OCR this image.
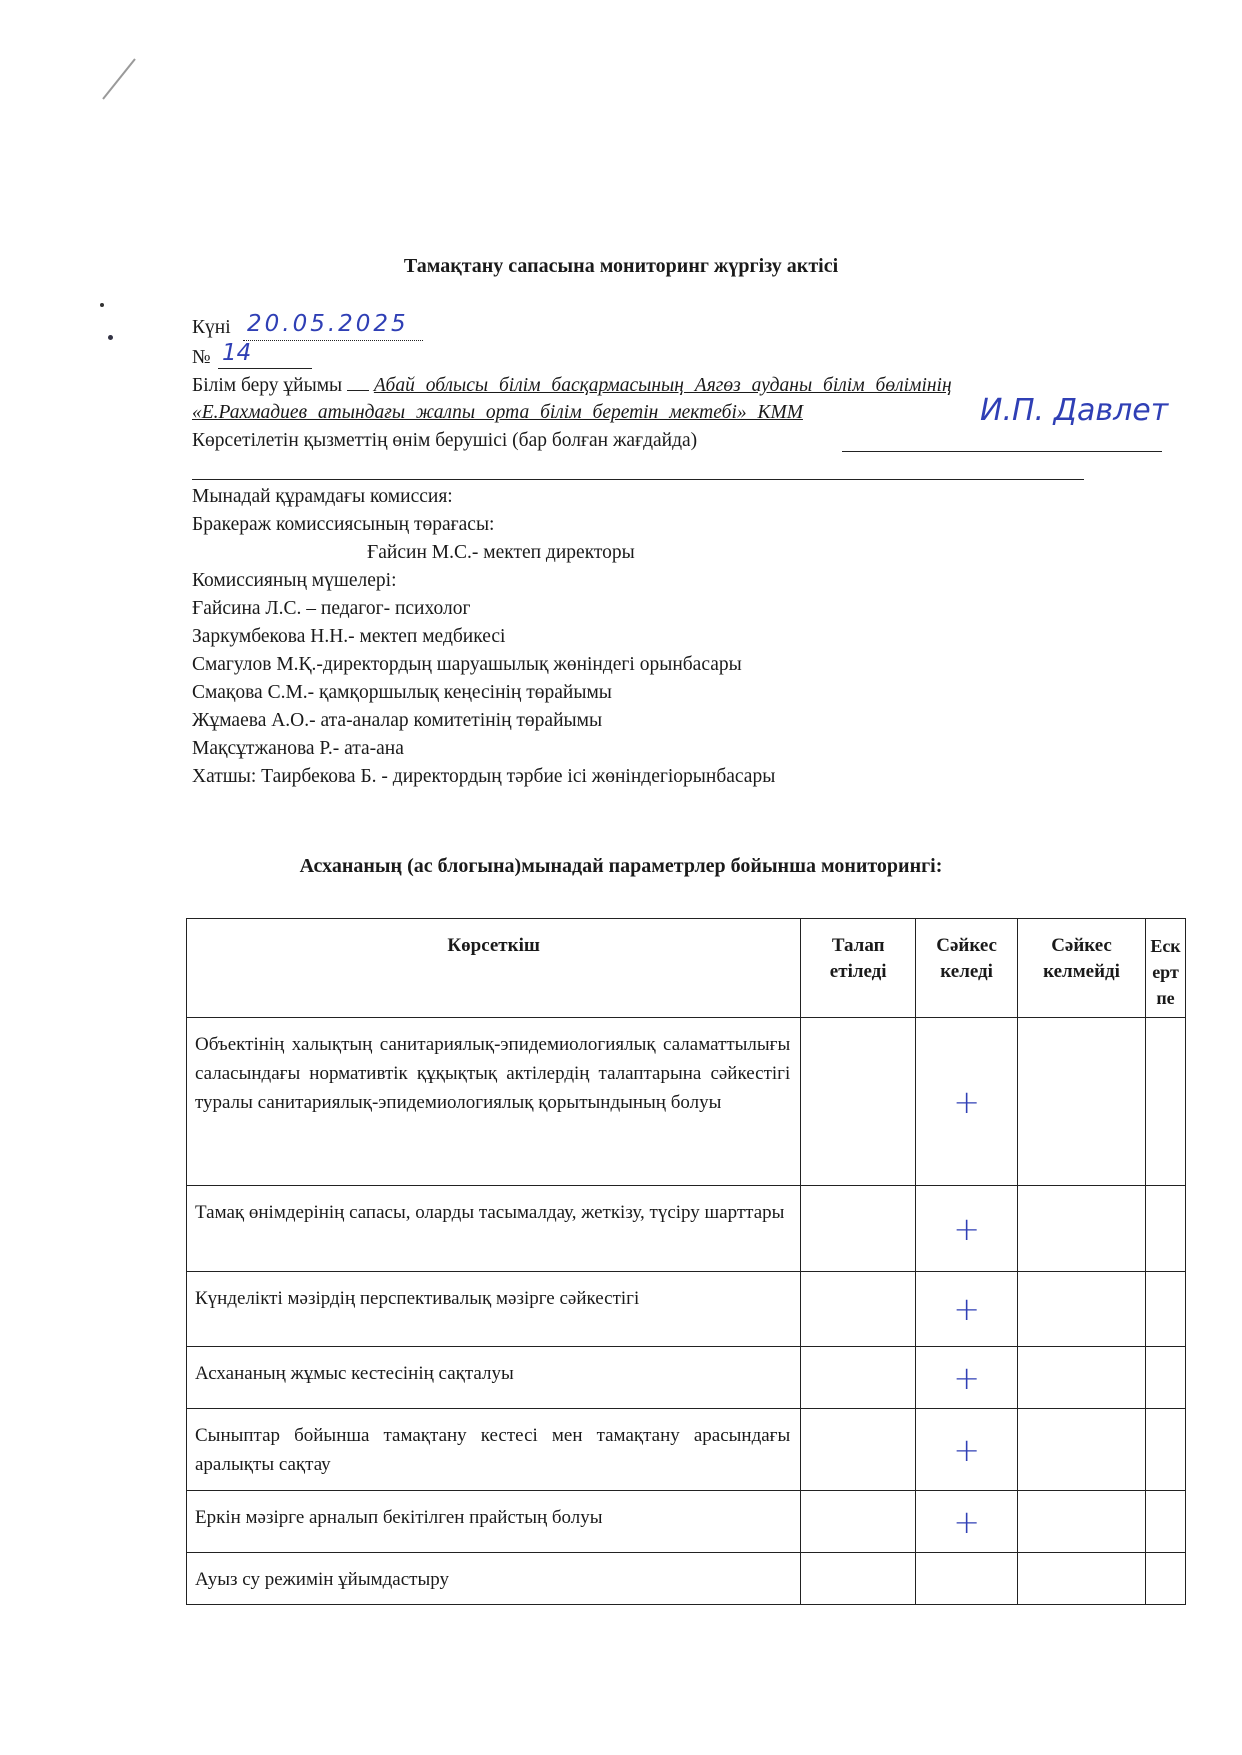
Тамақтану сапасына мониторинг жүргізу актісі
Күні 20.05.2025
№ 14
Білім беру ұйымы Абай облысы білім басқармасының Аягөз ауданы білім бөлімінің
«Е.Рахмадиев атындағы жалпы орта білім беретін мектебі» КММ	И.П. Давлет
Көрсетілетін қызметтің өнім берушісі (бар болған жағдайда)
Мынадай құрамдағы комиссия:
Бракераж комиссиясының төрағасы:
Ғайсин М.С.- мектеп директоры
Комиссияның мүшелері:
Ғайсина Л.С. – педагог- психолог
Заркумбекова Н.Н.- мектеп медбикесі
Смагулов М.Қ.-директордың шаруашылық жөніндегі орынбасары
Смақова С.М.- қамқоршылық кеңесінің төрайымы
Жұмаева А.О.- ата-аналар комитетінің төрайымы
Мақсұтжанова Р.- ата-ана
Хатшы: Таирбекова Б. - директордың тәрбие ісі жөніндегіорынбасары
Асхананың (ас блогына)мынадай параметрлер бойынша мониторингі:
Көрсеткіш	Талап етіледі	Сәйкес келеді	Сәйкес келмейді	Ескертпе
Объектінің халықтың санитариялық-эпидемиологиялық саламаттылығы саласындағы нормативтік құқықтық актілердің талаптарына сәйкестігі туралы санитариялық-эпидемиологиялық қорытындының болуы		+		
Тамақ өнімдерінің сапасы, оларды тасымалдау, жеткізу, түсіру шарттары		+		
Күнделікті мәзірдің перспективалық мәзірге сәйкестігі		+		
Асхананың жұмыс кестесінің сақталуы		+		
Сыныптар бойынша тамақтану кестесі мен тамақтану арасындағы аралықты сақтау		+		
Еркін мәзірге арналып бекітілген прайстың болуы		+		
Ауыз су режимін ұйымдастыру				
